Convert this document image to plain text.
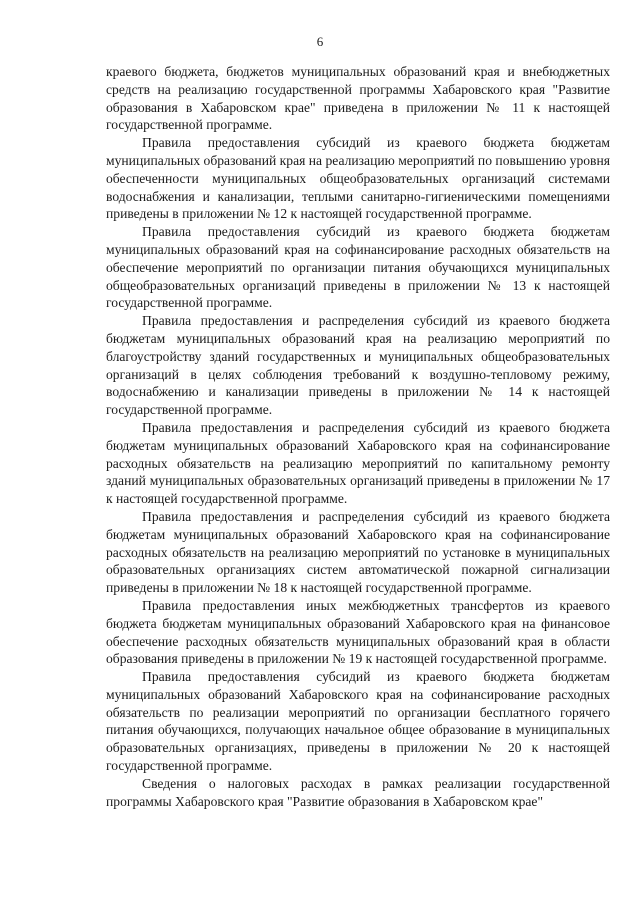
6

краевого бюджета, бюджетов муниципальных образований края и внебюджетных средств на реализацию государственной программы Хабаровского края "Развитие образования в Хабаровском крае" приведена в приложении № 11 к настоящей государственной программе.

Правила предоставления субсидий из краевого бюджета бюджетам муниципальных образований края на реализацию мероприятий по повышению уровня обеспеченности муниципальных общеобразовательных организаций системами водоснабжения и канализации, теплыми санитарно-гигиеническими помещениями приведены в приложении № 12 к настоящей государственной программе.

Правила предоставления субсидий из краевого бюджета бюджетам муниципальных образований края на софинансирование расходных обязательств на обеспечение мероприятий по организации питания обучающихся муниципальных общеобразовательных организаций приведены в приложении № 13 к настоящей государственной программе.

Правила предоставления и распределения субсидий из краевого бюджета бюджетам муниципальных образований края на реализацию мероприятий по благоустройству зданий государственных и муниципальных общеобразовательных организаций в целях соблюдения требований к воздушно-тепловому режиму, водоснабжению и канализации приведены в приложении № 14 к настоящей государственной программе.

Правила предоставления и распределения субсидий из краевого бюджета бюджетам муниципальных образований Хабаровского края на софинансирование расходных обязательств на реализацию мероприятий по капитальному ремонту зданий муниципальных образовательных организаций приведены в приложении № 17 к настоящей государственной программе.

Правила предоставления и распределения субсидий из краевого бюджета бюджетам муниципальных образований Хабаровского края на софинансирование расходных обязательств на реализацию мероприятий по установке в муниципальных образовательных организациях систем автоматической пожарной сигнализации приведены в приложении № 18 к настоящей государственной программе.

Правила предоставления иных межбюджетных трансфертов из краевого бюджета бюджетам муниципальных образований Хабаровского края на финансовое обеспечение расходных обязательств муниципальных образований края в области образования приведены в приложении № 19 к настоящей государственной программе.

Правила предоставления субсидий из краевого бюджета бюджетам муниципальных образований Хабаровского края на софинансирование расходных обязательств по реализации мероприятий по организации бесплатного горячего питания обучающихся, получающих начальное общее образование в муниципальных образовательных организациях, приведены в приложении № 20 к настоящей государственной программе.

Сведения о налоговых расходах в рамках реализации государственной программы Хабаровского края "Развитие образования в Хабаровском крае"
